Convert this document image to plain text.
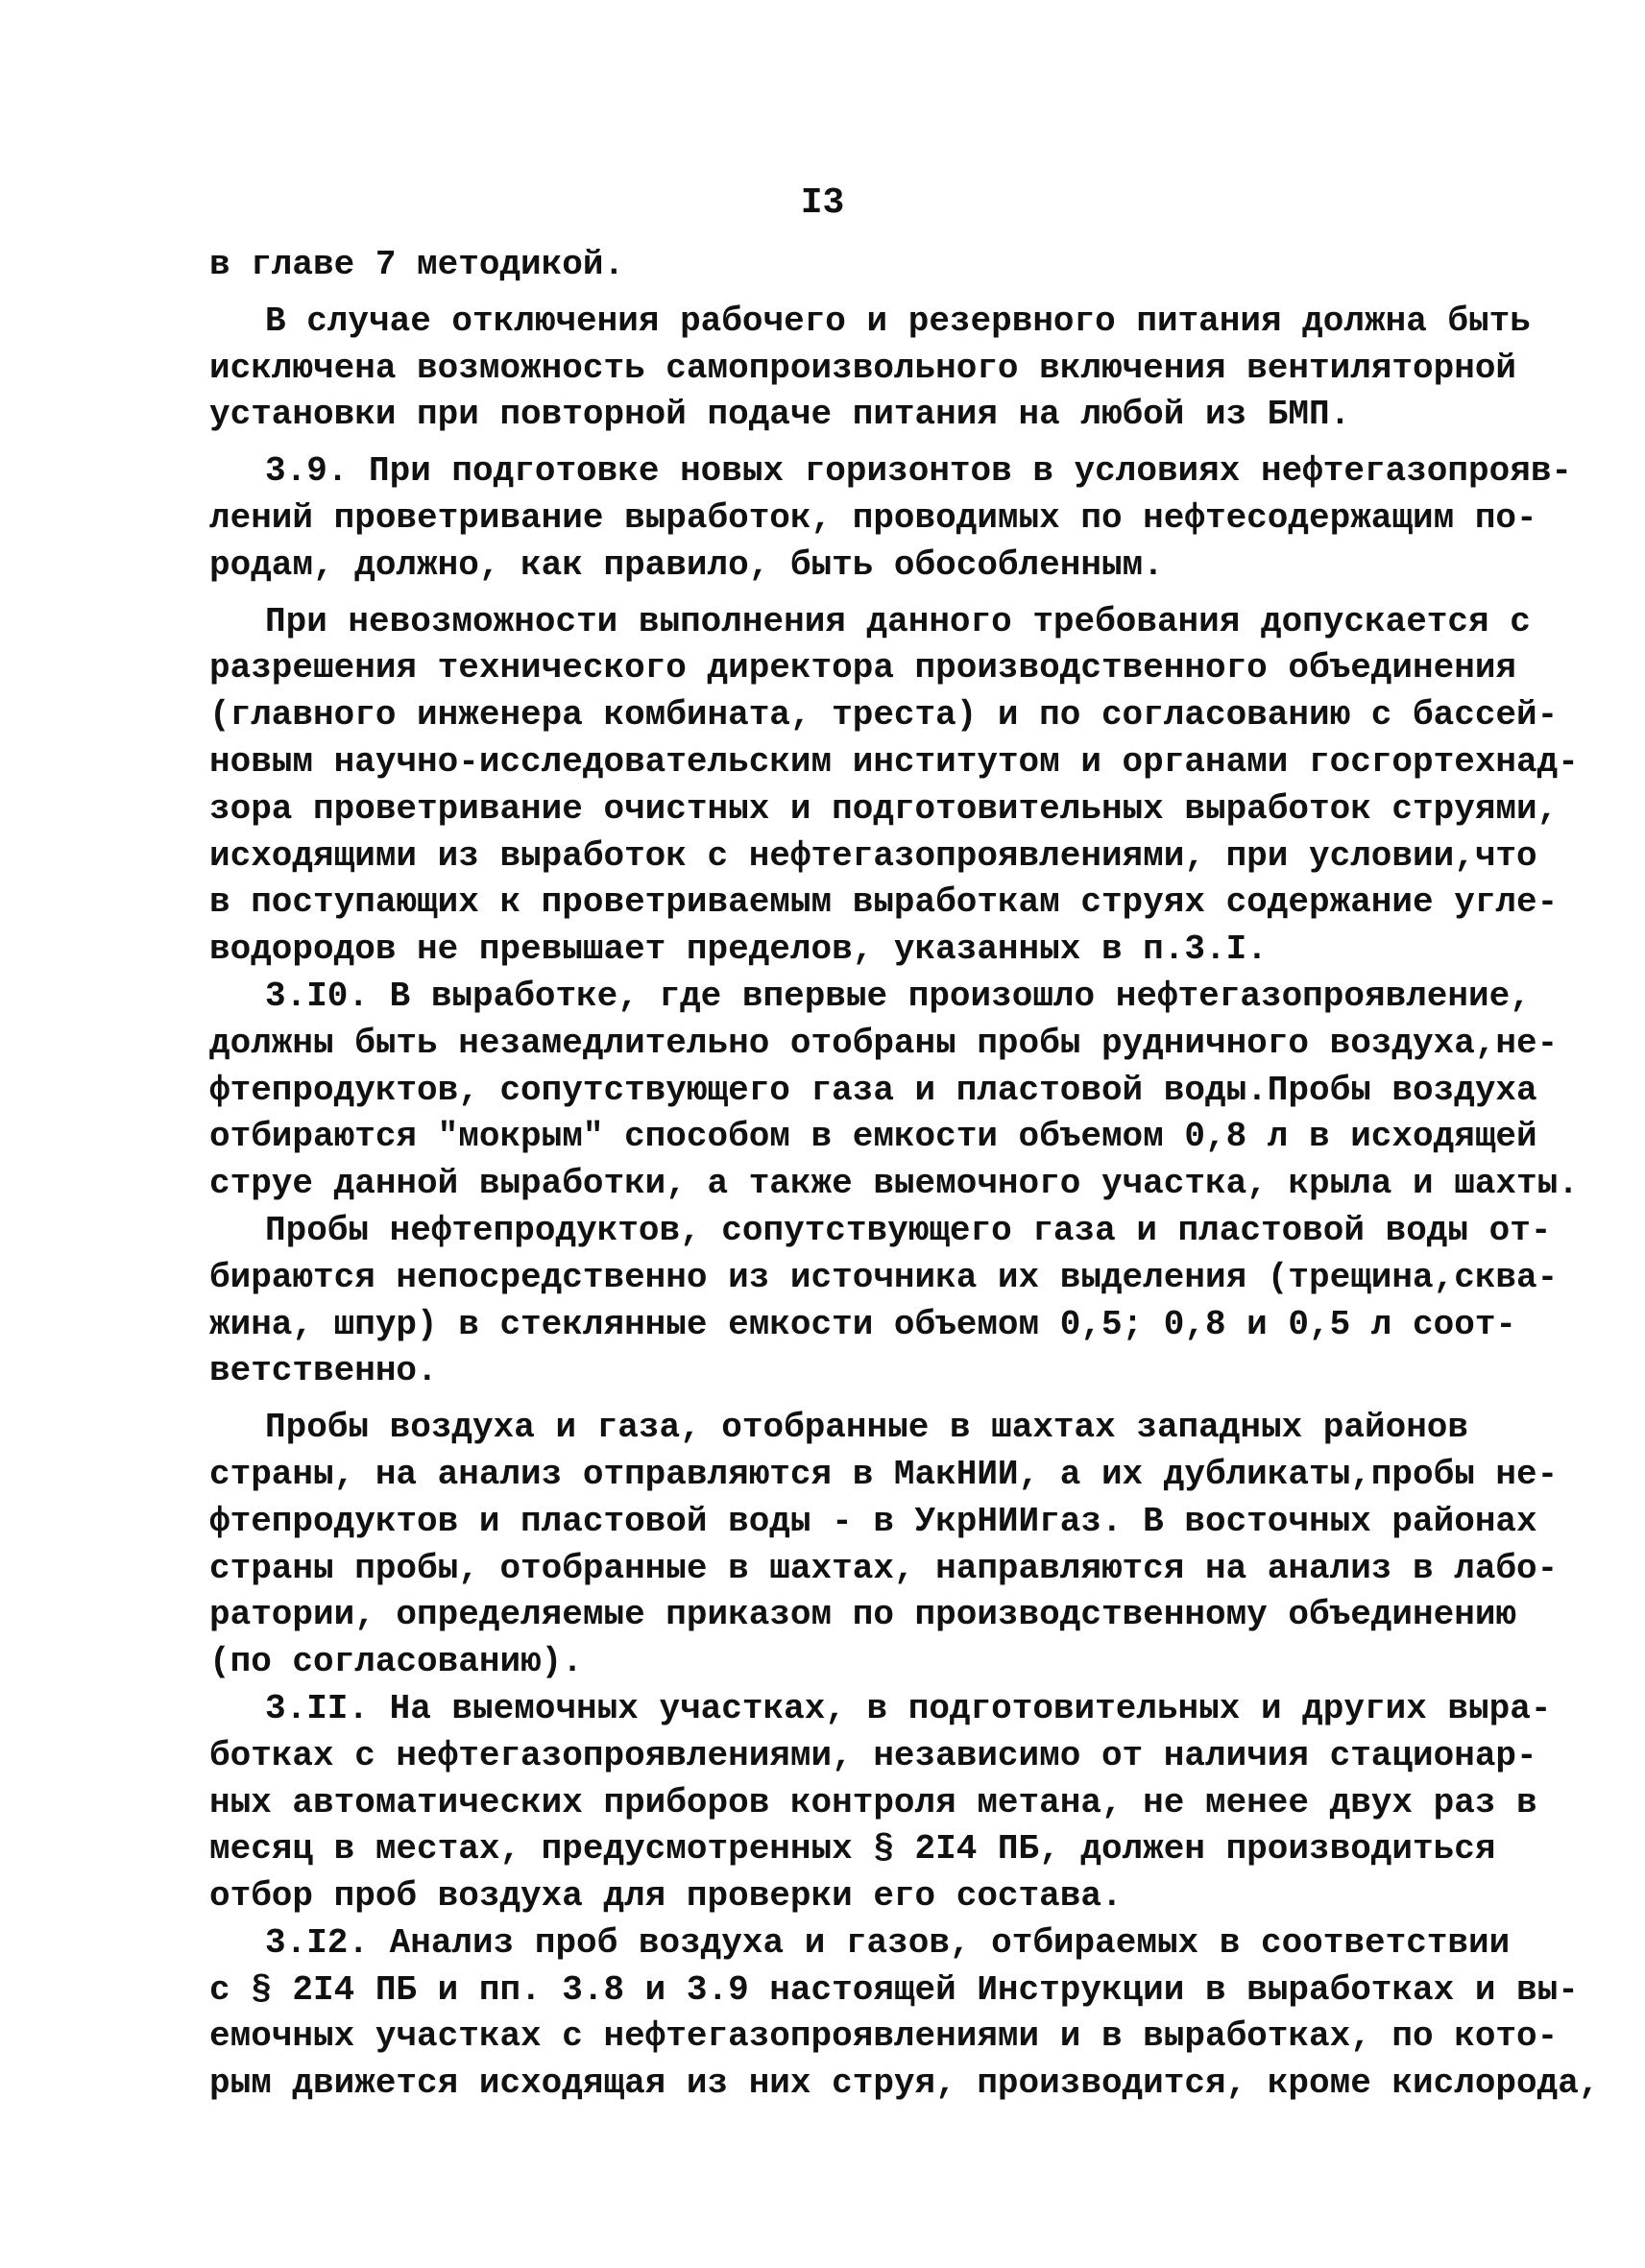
I3
в главе 7 методикой.
В случае отключения рабочего и резервного питания должна быть
исключена возможность самопроизвольного включения вентиляторной
установки при повторной подаче питания на любой из БМП.
3.9. При подготовке новых горизонтов в условиях нефтегазопрояв-
лений проветривание выработок, проводимых по нефтесодержащим по-
родам, должно, как правило, быть обособленным.
При невозможности выполнения данного требования допускается с
разрешения технического директора производственного объединения
(главного инженера комбината, треста) и по согласованию с бассей-
новым научно-исследовательским институтом и органами госгортехнад-
зора проветривание очистных и подготовительных выработок струями,
исходящими из выработок с нефтегазопроявлениями, при условии,что
в поступающих к проветриваемым выработкам струях содержание угле-
водородов не превышает пределов, указанных в п.3.I.
3.I0. В выработке, где впервые произошло нефтегазопроявление,
должны быть незамедлительно отобраны пробы рудничного воздуха,не-
фтепродуктов, сопутствующего газа и пластовой воды.Пробы воздуха
отбираются "мокрым" способом в емкости объемом 0,8 л в исходящей
струе данной выработки, а также выемочного участка, крыла и шахты.
Пробы нефтепродуктов, сопутствующего газа и пластовой воды от-
бираются непосредственно из источника их выделения (трещина,сква-
жина, шпур) в стеклянные емкости объемом 0,5; 0,8 и 0,5 л соот-
ветственно.
Пробы воздуха и газа, отобранные в шахтах западных районов
страны, на анализ отправляются в МакНИИ, а их дубликаты,пробы не-
фтепродуктов и пластовой воды - в УкрНИИгаз. В восточных районах
страны пробы, отобранные в шахтах, направляются на анализ в лабо-
ратории, определяемые приказом по производственному объединению
(по согласованию).
3.II. На выемочных участках, в подготовительных и других выра-
ботках с нефтегазопроявлениями, независимо от наличия стационар-
ных автоматических приборов контроля метана, не менее двух раз в
месяц в местах, предусмотренных § 2I4 ПБ, должен производиться
отбор проб воздуха для проверки его состава.
3.I2. Анализ проб воздуха и газов, отбираемых в соответствии
с § 2I4 ПБ и пп. 3.8 и 3.9 настоящей Инструкции в выработках и вы-
емочных участках с нефтегазопроявлениями и в выработках, по кото-
рым движется исходящая из них струя, производится, кроме кислорода,
